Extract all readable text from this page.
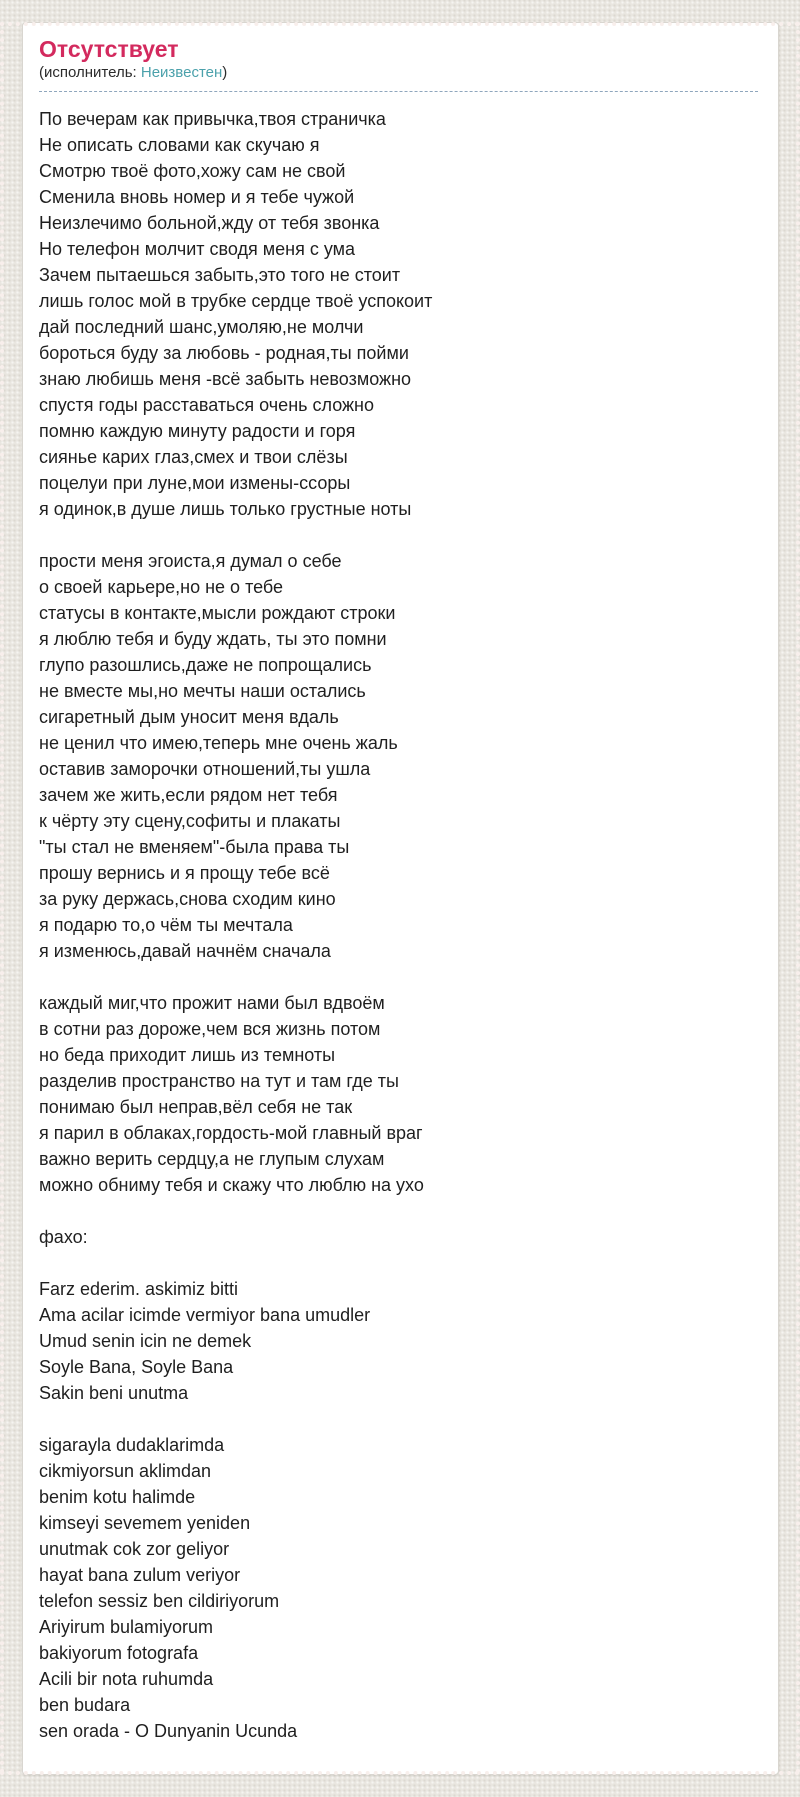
Отсутствует
(исполнитель: Неизвестен)
По вечерам как привычка,твоя страничка
Не описать словами как скучаю я
Смотрю твоё фото,хожу сам не свой
Сменила вновь номер и я тебе чужой
Неизлечимо больной,жду от тебя звонка
Но телефон молчит сводя меня с ума
Зачем пытаешься забыть,это того не стоит
лишь голос мой в трубке сердце твоё успокоит
дай последний шанс,умоляю,не молчи
бороться буду за любовь - родная,ты пойми
знаю любишь меня -всё забыть невозможно
спустя годы расставаться очень сложно
помню каждую минуту радости и горя
сиянье карих глаз,смех и твои слёзы
поцелуи при луне,мои измены-ссоры
я одинок,в душе лишь только грустные ноты
прости меня эгоиста,я думал о себе
о своей карьере,но не о тебе
статусы в контакте,мысли рождают строки
я люблю тебя и буду ждать, ты это помни
глупо разошлись,даже не попрощались
не вместе мы,но мечты наши остались
сигаретный дым уносит меня вдаль
не ценил что имею,теперь мне очень жаль
оставив заморочки отношений,ты ушла
зачем же жить,если рядом нет тебя
к чёрту эту сцену,софиты и плакаты
"ты стал не вменяем"-была права ты
прошу вернись и я прощу тебе всё
за руку держась,снова сходим кино
я подарю то,о чём ты мечтала
я изменюсь,давай начнём сначала
каждый миг,что прожит нами был вдвоём
в сотни раз дороже,чем вся жизнь потом
но беда приходит лишь из темноты
разделив пространство на тут и там где ты
понимаю был неправ,вёл себя не так
я парил в облаках,гордость-мой главный враг
важно верить сердцу,а не глупым слухам
можно обниму тебя и скажу что люблю на ухо
фахо:
Farz ederim. askimiz bitti
Ama acilar icimde vermiyor bana umudler
Umud senin icin ne demek
Soyle Bana, Soyle Bana
Sakin beni unutma
sigarayla dudaklarimda
cikmiyorsun aklimdan
benim kotu halimde
kimseyi sevemem yeniden
unutmak cok zor geliyor
hayat bana zulum veriyor
telefon sessiz ben cildiriyorum
Ariyirum bulamiyorum
bakiyorum fotografa
Acili bir nota ruhumda
ben budara
sen orada - O Dunyanin Ucunda
